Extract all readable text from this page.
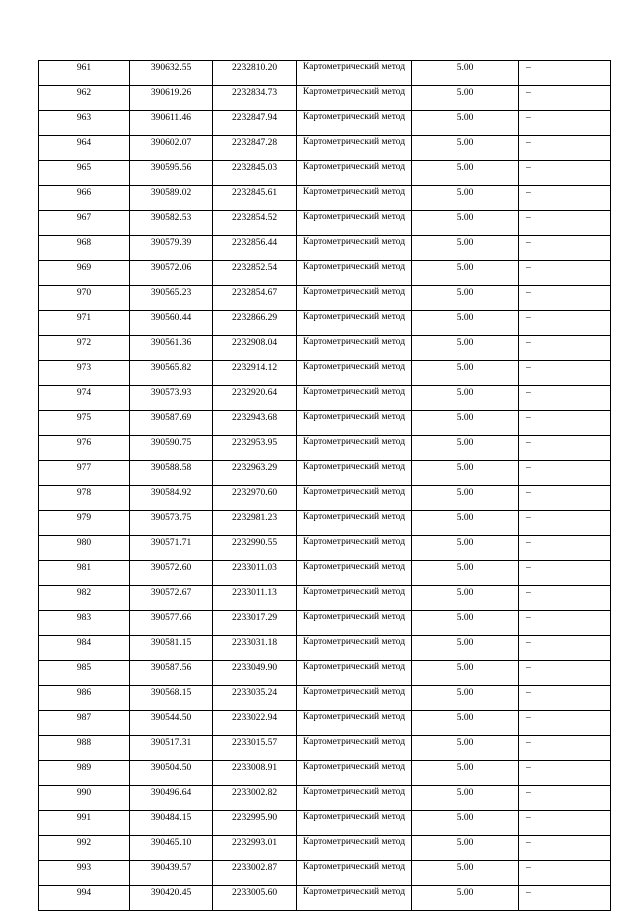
961	390632.55	2232810.20	Картометрический метод	5.00	–
962	390619.26	2232834.73	Картометрический метод	5.00	–
963	390611.46	2232847.94	Картометрический метод	5.00	–
964	390602.07	2232847.28	Картометрический метод	5.00	–
965	390595.56	2232845.03	Картометрический метод	5.00	–
966	390589.02	2232845.61	Картометрический метод	5.00	–
967	390582.53	2232854.52	Картометрический метод	5.00	–
968	390579.39	2232856.44	Картометрический метод	5.00	–
969	390572.06	2232852.54	Картометрический метод	5.00	–
970	390565.23	2232854.67	Картометрический метод	5.00	–
971	390560.44	2232866.29	Картометрический метод	5.00	–
972	390561.36	2232908.04	Картометрический метод	5.00	–
973	390565.82	2232914.12	Картометрический метод	5.00	–
974	390573.93	2232920.64	Картометрический метод	5.00	–
975	390587.69	2232943.68	Картометрический метод	5.00	–
976	390590.75	2232953.95	Картометрический метод	5.00	–
977	390588.58	2232963.29	Картометрический метод	5.00	–
978	390584.92	2232970.60	Картометрический метод	5.00	–
979	390573.75	2232981.23	Картометрический метод	5.00	–
980	390571.71	2232990.55	Картометрический метод	5.00	–
981	390572.60	2233011.03	Картометрический метод	5.00	–
982	390572.67	2233011.13	Картометрический метод	5.00	–
983	390577.66	2233017.29	Картометрический метод	5.00	–
984	390581.15	2233031.18	Картометрический метод	5.00	–
985	390587.56	2233049.90	Картометрический метод	5.00	–
986	390568.15	2233035.24	Картометрический метод	5.00	–
987	390544.50	2233022.94	Картометрический метод	5.00	–
988	390517.31	2233015.57	Картометрический метод	5.00	–
989	390504.50	2233008.91	Картометрический метод	5.00	–
990	390496.64	2233002.82	Картометрический метод	5.00	–
991	390484.15	2232995.90	Картометрический метод	5.00	–
992	390465.10	2232993.01	Картометрический метод	5.00	–
993	390439.57	2233002.87	Картометрический метод	5.00	–
994	390420.45	2233005.60	Картометрический метод	5.00	–
